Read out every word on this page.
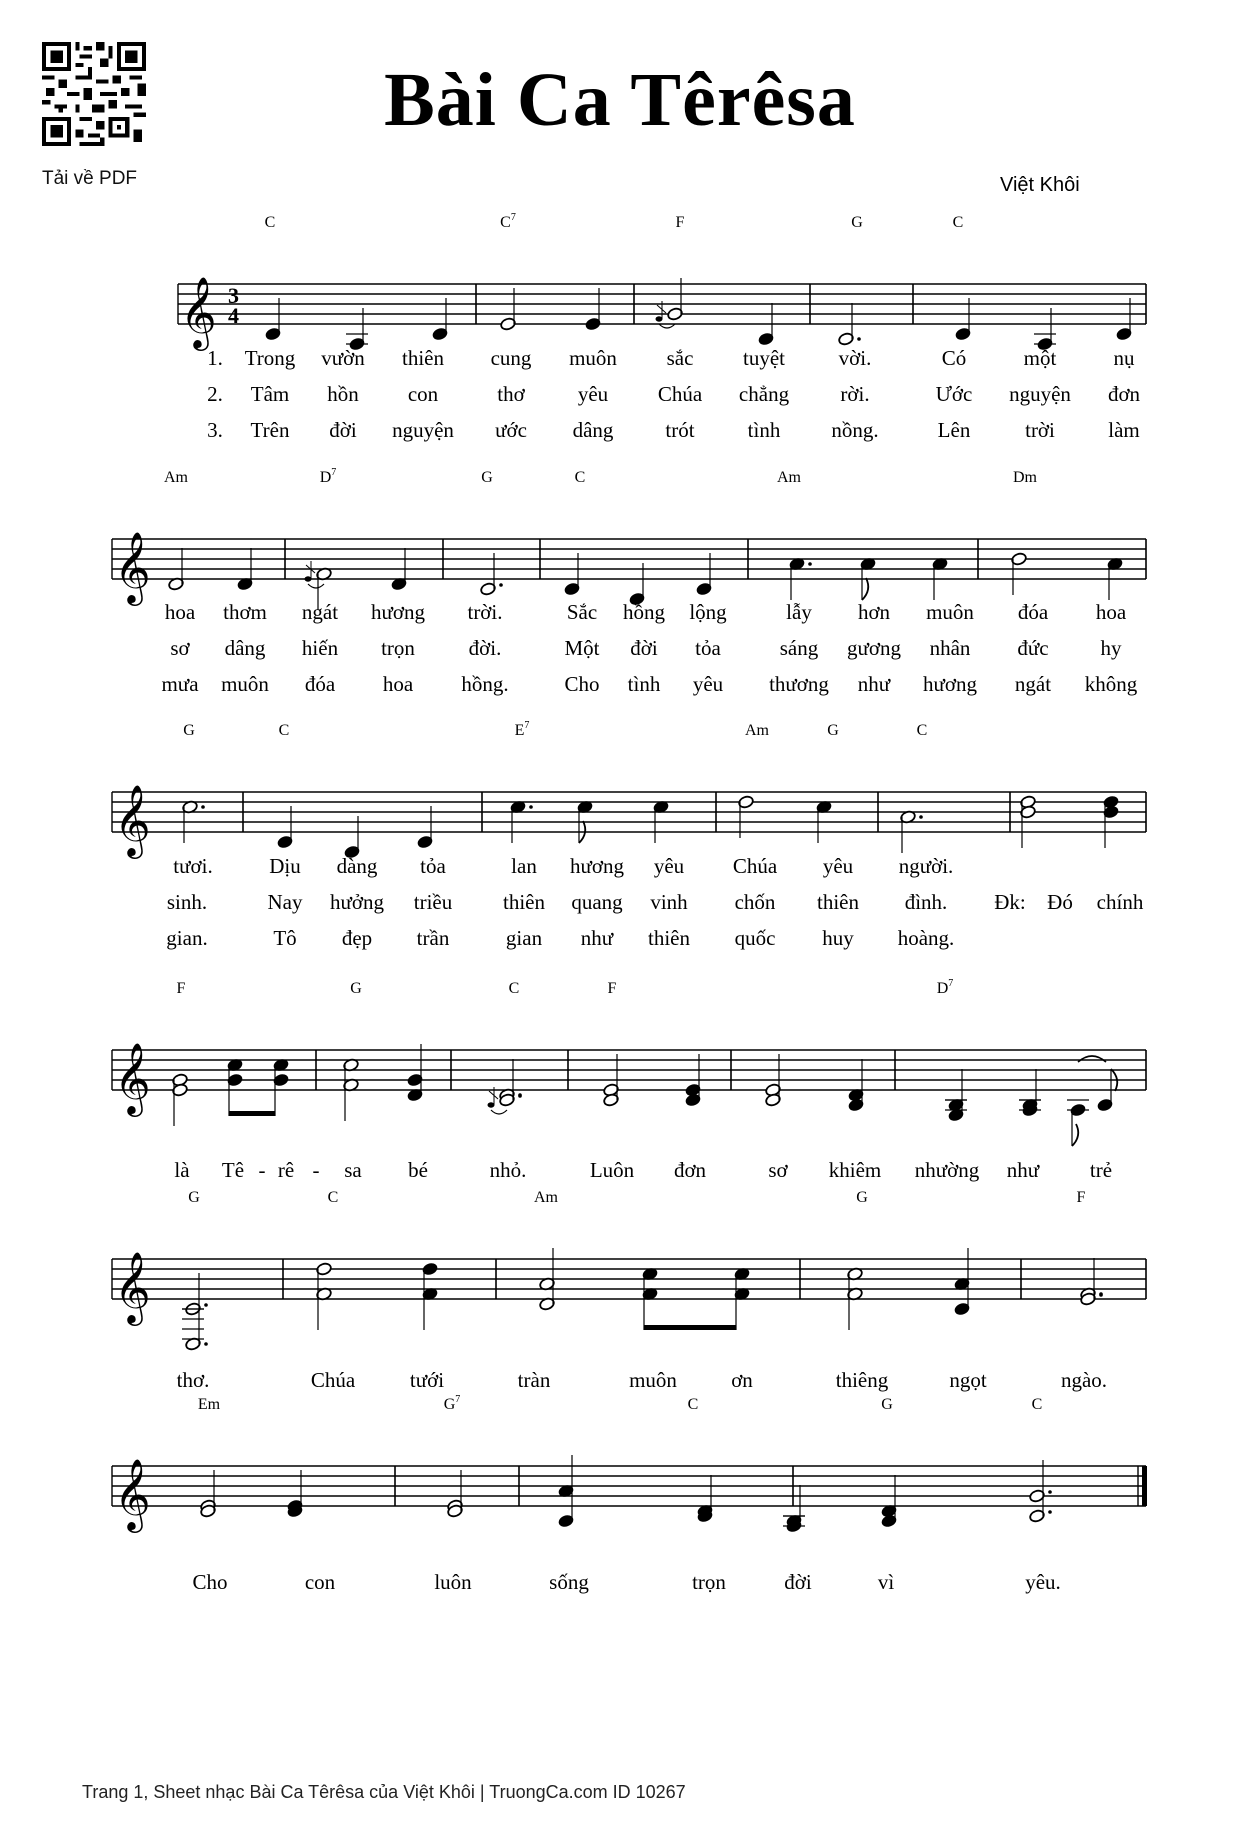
Tải về PDF
Bài Ca Têrêsa
Việt Khôi
𝄞 3
4
C	$C^7$	F	G	C
1. Trong vườn thiên cung muôn sắc tuyệt	vời.	Có	một	nụ
2. Tâm hồn con	thơ	yêu Chúa chẳng rời.	Ước nguyện đơn
3. Trên đời nguyện ước dâng trót	tình nồng.	Lên	trời	làm
𝄞
Am	$D^7$	G	C	Am	Dm
hoa thơm ngát hương trời.	Sắc hồng lộng	lẫy hơn muôn đóa hoa
sơ dâng hiến trọn	đời.	Một đời tỏa	sáng gương nhân đức hy
mưa muôn đóa hoa hồng.	Cho tình yêu thương như hương ngát không
𝄞
G	C	$E^7$	Am	G	C
tươi.	Dịu dàng tỏa	lan hương yêu Chúa yêu người.
sinh.	Nay hưởng triều thiên quang vinh chốn thiên đình. Đk: Đó chính
gian.	Tô đẹp trần	gian như thiên quốc huy hoàng.
𝄞
F	G	C	F	$D^7$
là Tê - rê - sa bé	nhỏ.	Luôn đơn	sơ khiêm nhường như trẻ
𝄞
G	C	Am	G	F
thơ.	Chúa	tưới	tràn	muôn	ơn	thiêng	ngọt	ngào.
𝄞
Em	$G^7$	C	G	C
Cho	con	luôn	sống	trọn	đời	vì	yêu.
Trang 1, Sheet nhạc Bài Ca Têrêsa của Việt Khôi | TruongCa.com ID 10267
